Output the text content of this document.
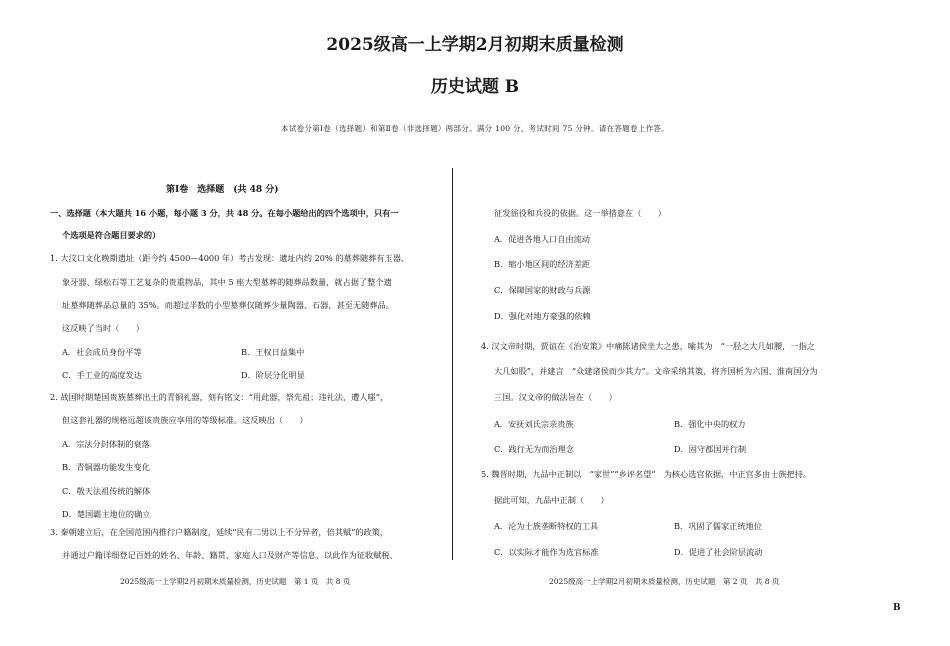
2025级高一上学期2月初期末质量检测
历史试题 B
本试卷分第Ⅰ卷（选择题）和第Ⅱ卷（非选择题）两部分。满分 100 分，考试时间 75 分钟。请在答题卷上作答。
第Ⅰ卷　选择题　(共 48 分)
一、选择题（本大题共 16 小题，每小题 3 分，共 48 分。在每小题给出的四个选项中，只有一
个选项是符合题目要求的）
1. 大汶口文化晚期遗址（距今约 4500—4000 年）考古发现：遗址内约 20% 的墓葬随葬有玉器、
象牙器、绿松石等工艺复杂的贵重物品，其中 5 座大型墓葬的随葬品数量，就占据了整个遗
址墓葬随葬品总量的 35%。而超过半数的小型墓葬仅随葬少量陶器、石器，甚至无随葬品。
这反映了当时（　　）
A．社会成员身份平等	B．王权日益集中
C．手工业的高度发达	D．阶层分化明显
2. 战国时期楚国贵族墓葬出土的青铜礼器，刻有铭文：“用此器，祭先祖；违礼法，遭人嗤”，
但这套礼器的规格远超该贵族应享用的等级标准。这反映出（　　）
A．宗法分封体制的衰落
B．青铜器功能发生变化
C．敬天法祖传统的解体
D．楚国霸主地位的确立
3. 秦朝建立后，在全国范围内推行户籍制度，延续“民有二男以上不分异者，倍其赋”的政策，
并通过户籍详细登记百姓的姓名、年龄、籍贯、家庭人口及财产等信息，以此作为征收赋税、
2025级高一上学期2月初期末质量检测，历史试题　第 1 页　共 8 页
征发徭役和兵役的依据。这一举措意在（　　）
A．促进各地人口自由流动
B．缩小地区间的经济差距
C．保障国家的财政与兵源
D．强化对地方豪强的依赖
4. 汉文帝时期，贾谊在《治安策》中痛陈诸侯坐大之患，喻其为　“一胫之大几如腰，一指之
大几如股”，并建言　“众建诸侯而少其力”。文帝采纳其策，将齐国析为六国、淮南国分为
三国。汉文帝的做法旨在（　　）
A．安抚刘氏宗亲贵族	B．强化中央的权力
C．践行无为而治理念	D．固守郡国并行制
5. 魏晋时期，九品中正制以　“家世”“乡评名望”　为核心选官依据，中正官多由士族把持。
据此可知，九品中正制（　　）
A．沦为士族垄断特权的工具	B．巩固了儒家正统地位
C．以实际才能作为选官标准	D．促进了社会阶层流动
2025级高一上学期2月初期末质量检测，历史试题　第 2 页　共 8 页
B
